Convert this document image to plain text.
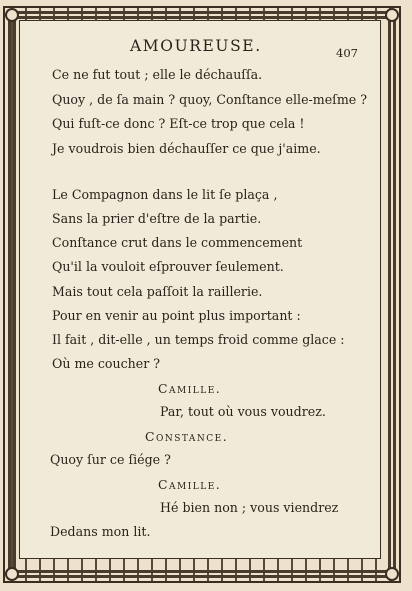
AMOUREUSE.	407
Ce ne fut tout ; elle le déchauſſa.
Quoy , de ſa main ? quoy, Conſtance elle-meſme ?
Qui fuſt-ce donc ? Eſt-ce trop que cela !
Je voudrois bien déchauſſer ce que j'aime.
Le Compagnon dans le lit ſe plaça ,
Sans la prier d'eſtre de la partie.
Conſtance crut dans le commencement
Qu'il la vouloit eſprouver ſeulement.
Mais tout cela paſſoit la raillerie.
Pour en venir au point plus important :
Il fait , dit-elle , un temps froid comme glace :
Où me coucher ?
Camille.
Par, tout où vous voudrez.
Constance.
Quoy ſur ce ſiége ?
Camille.
Hé bien non ; vous viendrez
Dedans mon lit.
